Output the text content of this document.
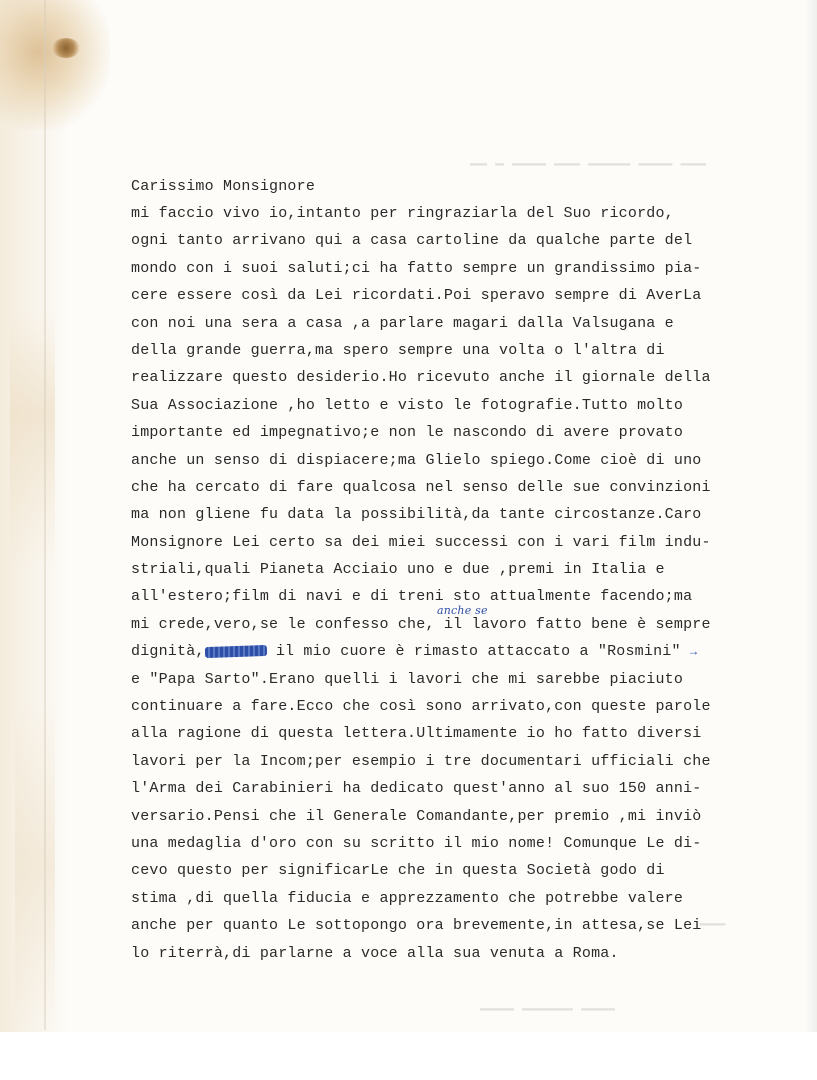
▁▁▁ ▁▁▁▁ ▁▁▁▁▁ ▁▁▁ ▁▁▁▁ ▁ ▁▁
▁▁▁▁ ▁▁▁▁▁▁ ▁▁▁▁
▁▁▁
Carissimo Monsignore
mi faccio vivo io,intanto per ringraziarla del Suo ricordo,
ogni tanto arrivano qui a casa cartoline da qualche parte del
mondo con i suoi saluti;ci ha fatto sempre un grandissimo pia-
cere essere così da Lei ricordati.Poi speravo sempre di AverLa
con noi una sera a casa ,a parlare magari dalla Valsugana e
della grande guerra,ma spero sempre una volta o l'altra di
realizzare questo desiderio.Ho ricevuto anche il giornale della
Sua Associazione ,ho letto e visto le fotografie.Tutto molto
importante ed impegnativo;e non le nascondo di avere provato
anche un senso di dispiacere;ma Glielo spiego.Come cioè di uno
che ha cercato di fare qualcosa nel senso delle sue convinzioni
ma non gliene fu data la possibilità,da tante circostanze.Caro
Monsignore Lei certo sa dei miei successi con i vari film indu-
striali,quali Pianeta Acciaio uno e due ,premi in Italia e
all'estero;film di navi e di treni sto attualmente facendo;ma
mi crede,vero,se le confesso che, il lavoro fatto bene è sempre
anche se
dignità,	il mio cuore è rimasto attaccato a "Rosmini" →
e "Papa Sarto".Erano quelli i lavori che mi sarebbe piaciuto
continuare a fare.Ecco che così sono arrivato,con queste parole
alla ragione di questa lettera.Ultimamente io ho fatto diversi
lavori per la Incom;per esempio i tre documentari ufficiali che
l'Arma dei Carabinieri ha dedicato quest'anno al suo 150 anni-
versario.Pensi che il Generale Comandante,per premio ,mi inviò
una medaglia d'oro con su scritto il mio nome! Comunque Le di-
cevo questo per significarLe che in questa Società godo di
stima ,di quella fiducia e apprezzamento che potrebbe valere
anche per quanto Le sottopongo ora brevemente,in attesa,se Lei
lo riterrà,di parlarne a voce alla sua venuta a Roma.
